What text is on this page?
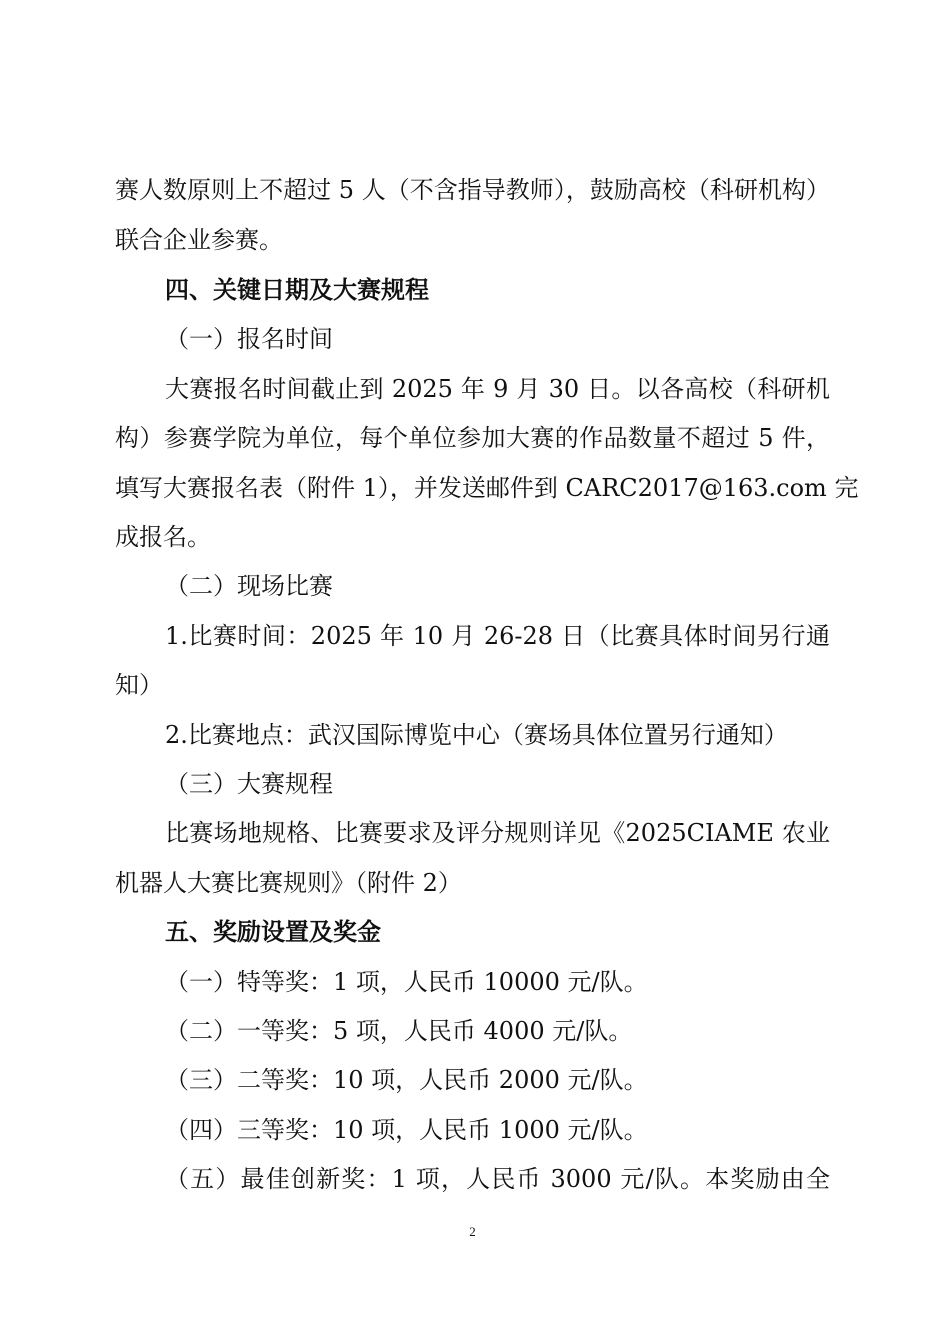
赛人数原则上不超过 5 人（不含指导教师），鼓励高校（科研机构）
联合企业参赛。
四、关键日期及大赛规程
（一）报名时间
大赛报名时间截止到 2025 年 9 月 30 日。以各高校（科研机
构）参赛学院为单位，每个单位参加大赛的作品数量不超过 5 件，
填写大赛报名表（附件 1），并发送邮件到 CARC2017@163.com 完
成报名。
（二）现场比赛
1.比赛时间：2025 年 10 月 26-28 日（比赛具体时间另行通
知）
2.比赛地点：武汉国际博览中心（赛场具体位置另行通知）
（三）大赛规程
比赛场地规格、比赛要求及评分规则详见《2025CIAME 农业
机器人大赛比赛规则》（附件 2）
五、奖励设置及奖金
（一）特等奖：1 项，人民币 10000 元/队。
（二）一等奖：5 项，人民币 4000 元/队。
（三）二等奖：10 项，人民币 2000 元/队。
（四）三等奖：10 项，人民币 1000 元/队。
（五）最佳创新奖：1 项，人民币 3000 元/队。本奖励由全
2
